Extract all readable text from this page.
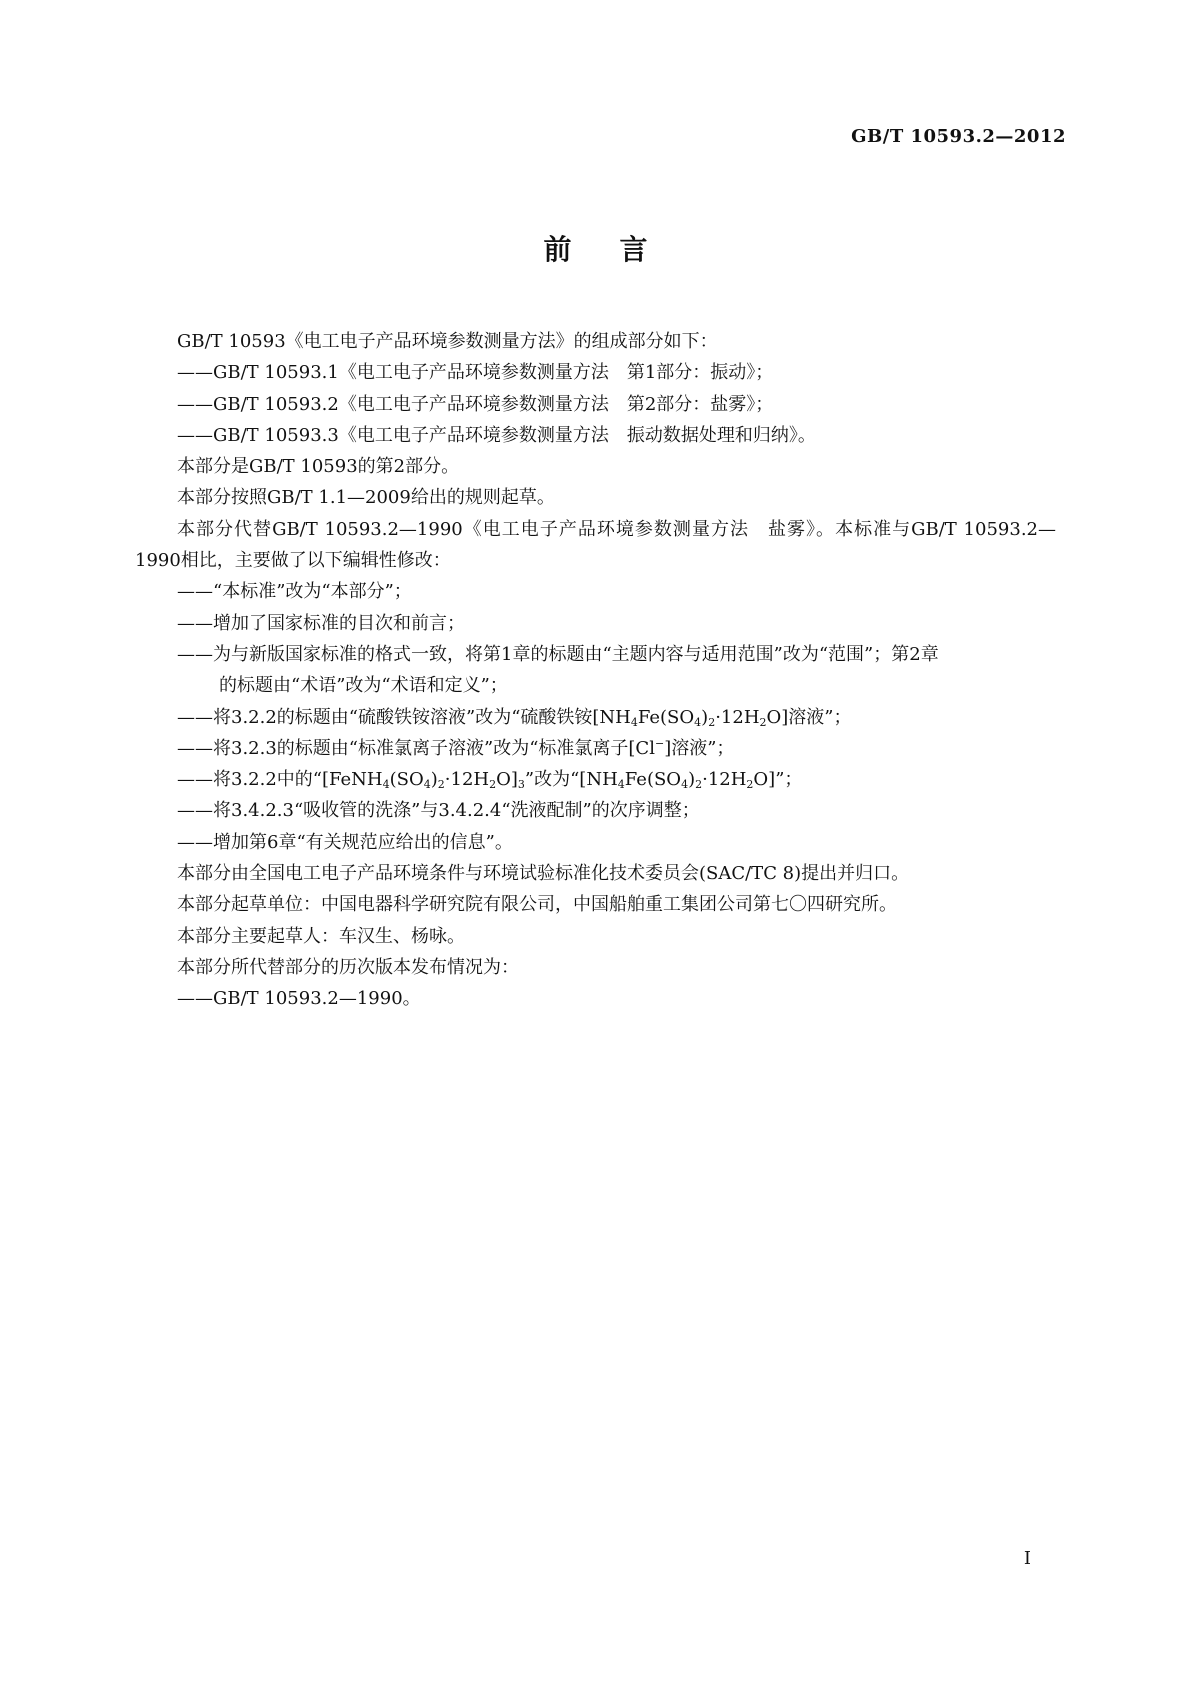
GB/T 10593.2—2012
前言

GB/T 10593《电工电子产品环境参数测量方法》的组成部分如下：

——GB/T 10593.1《电工电子产品环境参数测量方法　第1部分：振动》；

——GB/T 10593.2《电工电子产品环境参数测量方法　第2部分：盐雾》；

——GB/T 10593.3《电工电子产品环境参数测量方法　振动数据处理和归纳》。

本部分是GB/T 10593的第2部分。

本部分按照GB/T 1.1—2009给出的规则起草。

本部分代替GB/T 10593.2—1990《电工电子产品环境参数测量方法　盐雾》。本标准与GB/T 10593.2—1990相比，主要做了以下编辑性修改：

——“本标准”改为“本部分”；

——增加了国家标准的目次和前言；

——为与新版国家标准的格式一致，将第1章的标题由“主题内容与适用范围”改为“范围”；第2章

的标题由“术语”改为“术语和定义”；

——将3.2.2的标题由“硫酸铁铵溶液”改为“硫酸铁铵$[NH_4Fe(SO_4)_2\cdot 12H_2O]$溶液”；

——将3.2.3的标题由“标准氯离子溶液”改为“标准氯离子[Cl−]溶液”；

——将3.2.2中的“$[FeNH_4(SO_4)_2\cdot 12H_2O]_3$”改为“$[NH_4Fe(SO_4)_2\cdot 12H_2O]$”；

——将3.4.2.3“吸收管的洗涤”与3.4.2.4“洗液配制”的次序调整；

——增加第6章“有关规范应给出的信息”。

本部分由全国电工电子产品环境条件与环境试验标准化技术委员会(SAC/TC 8)提出并归口。

本部分起草单位：中国电器科学研究院有限公司，中国船舶重工集团公司第七〇四研究所。

本部分主要起草人：车汉生、杨咏。

本部分所代替部分的历次版本发布情况为：

——GB/T 10593.2—1990。

I
